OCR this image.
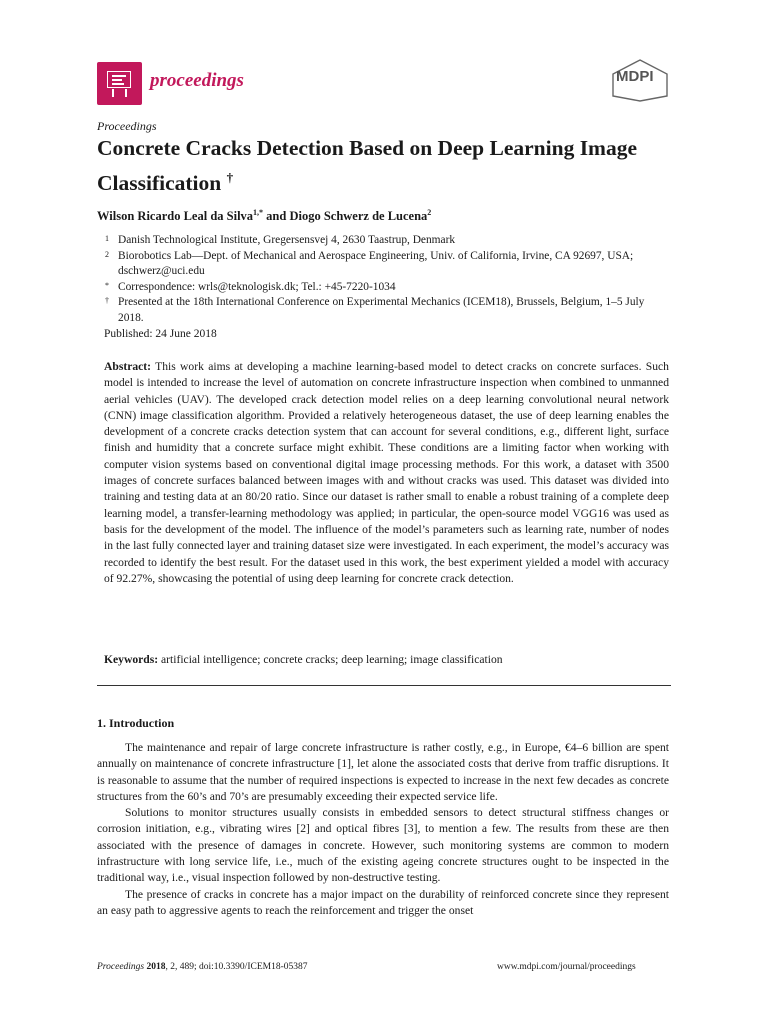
proceedings	MDPI
Proceedings
Concrete Cracks Detection Based on Deep Learning Image Classification †
Wilson Ricardo Leal da Silva$^{1,*}$ and Diogo Schwerz de Lucena$^2$
1 Danish Technological Institute, Gregersensvej 4, 2630 Taastrup, Denmark
2 Biorobotics Lab—Dept. of Mechanical and Aerospace Engineering, Univ. of California, Irvine, CA 92697, USA; dschwerz@uci.edu
* Correspondence: wrls@teknologisk.dk; Tel.: +45-7220-1034
† Presented at the 18th International Conference on Experimental Mechanics (ICEM18), Brussels, Belgium, 1–5 July 2018.
Published: 24 June 2018

Abstract: This work aims at developing a machine learning-based model to detect cracks on concrete surfaces. Such model is intended to increase the level of automation on concrete infrastructure inspection when combined to unmanned aerial vehicles (UAV). The developed crack detection model relies on a deep learning convolutional neural network (CNN) image classification algorithm. Provided a relatively heterogeneous dataset, the use of deep learning enables the development of a concrete cracks detection system that can account for several conditions, e.g., different light, surface finish and humidity that a concrete surface might exhibit. These conditions are a limiting factor when working with computer vision systems based on conventional digital image processing methods. For this work, a dataset with 3500 images of concrete surfaces balanced between images with and without cracks was used. This dataset was divided into training and testing data at an 80/20 ratio. Since our dataset is rather small to enable a robust training of a complete deep learning model, a transfer-learning methodology was applied; in particular, the open-source model VGG16 was used as basis for the development of the model. The influence of the model’s parameters such as learning rate, number of nodes in the last fully connected layer and training dataset size were investigated. In each experiment, the model’s accuracy was recorded to identify the best result. For the dataset used in this work, the best experiment yielded a model with accuracy of 92.27%, showcasing the potential of using deep learning for concrete crack detection.

Keywords: artificial intelligence; concrete cracks; deep learning; image classification
1. Introduction

The maintenance and repair of large concrete infrastructure is rather costly, e.g., in Europe, €4–6 billion are spent annually on maintenance of concrete infrastructure [1], let alone the associated costs that derive from traffic disruptions. It is reasonable to assume that the number of required inspections is expected to increase in the next few decades as concrete structures from the 60’s and 70’s are presumably exceeding their expected service life.

Solutions to monitor structures usually consists in embedded sensors to detect structural stiffness changes or corrosion initiation, e.g., vibrating wires [2] and optical fibres [3], to mention a few. The results from these are then associated with the presence of damages in concrete. However, such monitoring systems are common to modern infrastructure with long service life, i.e., much of the existing ageing concrete structures ought to be inspected in the traditional way, i.e., visual inspection followed by non-destructive testing.

The presence of cracks in concrete has a major impact on the durability of reinforced concrete since they represent an easy path to aggressive agents to reach the reinforcement and trigger the onset

Proceedings 2018, 2, 489; doi:10.3390/ICEM18-05387	www.mdpi.com/journal/proceedings
